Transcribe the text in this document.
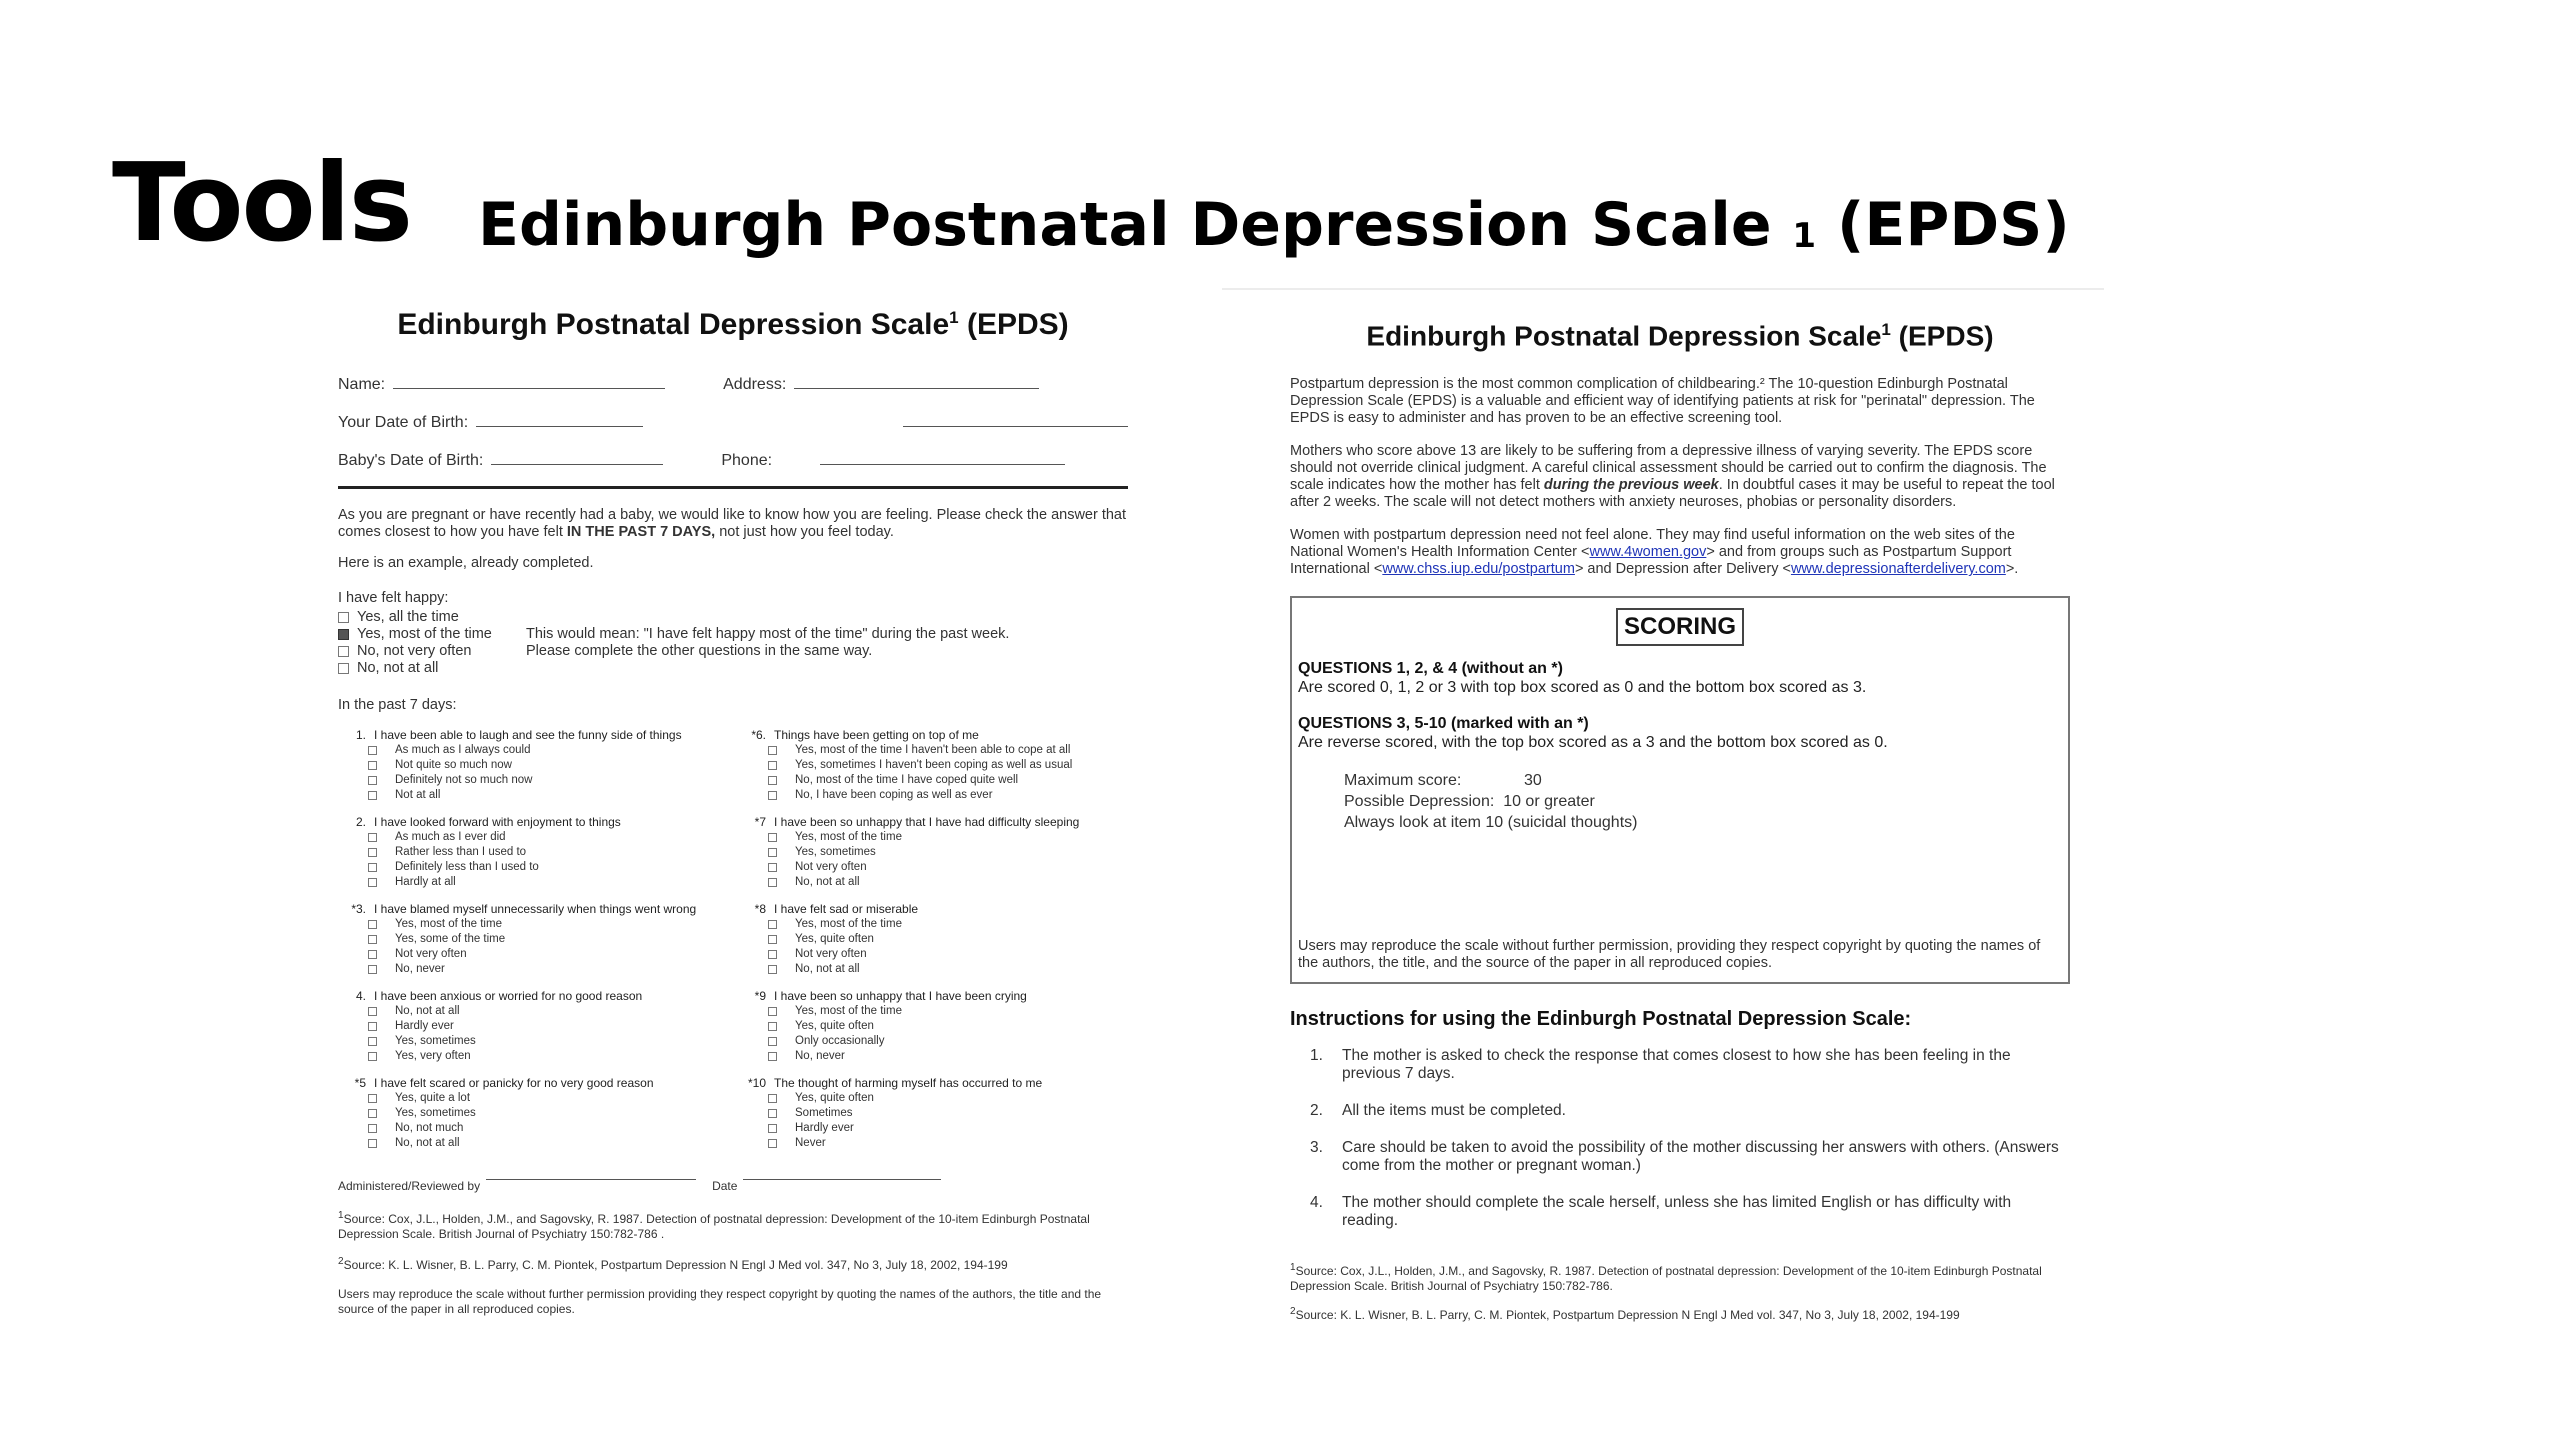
Tools Edinburgh Postnatal Depression Scale 1 (EPDS)

Edinburgh Postnatal Depression Scale$^1$ (EPDS)

Name:	Address:
Your Date of Birth:
Baby's Date of Birth:	Phone:

As you are pregnant or have recently had a baby, we would like to know how you are feeling. Please check the answer that comes closest to how you have felt IN THE PAST 7 DAYS, not just how you feel today.

Here is an example, already completed.

I have felt happy:

Yes, all the time
Yes, most of the time
No, not very often
No, not at all
This would mean: "I have felt happy most of the time" during the past week.
Please complete the other questions in the same way.

In the past 7 days:

1. I have been able to laugh and see the funny side of things
As much as I always could
Not quite so much now
Definitely not so much now
Not at all
2. I have looked forward with enjoyment to things
As much as I ever did
Rather less than I used to
Definitely less than I used to
Hardly at all
*3. I have blamed myself unnecessarily when things went wrong
Yes, most of the time
Yes, some of the time
Not very often
No, never
4. I have been anxious or worried for no good reason
No, not at all
Hardly ever
Yes, sometimes
Yes, very often
*5 I have felt scared or panicky for no very good reason
Yes, quite a lot
Yes, sometimes
No, not much
No, not at all
*6. Things have been getting on top of me
Yes, most of the time I haven't been able to cope at all
Yes, sometimes I haven't been coping as well as usual
No, most of the time I have coped quite well
No, I have been coping as well as ever
*7 I have been so unhappy that I have had difficulty sleeping
Yes, most of the time
Yes, sometimes
Not very often
No, not at all
*8 I have felt sad or miserable
Yes, most of the time
Yes, quite often
Not very often
No, not at all
*9 I have been so unhappy that I have been crying
Yes, most of the time
Yes, quite often
Only occasionally
No, never
*10 The thought of harming myself has occurred to me
Yes, quite often
Sometimes
Hardly ever
Never
Administered/Reviewed by	Date

$^1$Source: Cox, J.L., Holden, J.M., and Sagovsky, R. 1987. Detection of postnatal depression: Development of the 10-item Edinburgh Postnatal Depression Scale. British Journal of Psychiatry 150:782-786 .

$^2$Source: K. L. Wisner, B. L. Parry, C. M. Piontek, Postpartum Depression N Engl J Med vol. 347, No 3, July 18, 2002, 194-199

Users may reproduce the scale without further permission providing they respect copyright by quoting the names of the authors, the title and the source of the paper in all reproduced copies.

Edinburgh Postnatal Depression Scale$^1$ (EPDS)

Postpartum depression is the most common complication of childbearing.² The 10-question Edinburgh Postnatal Depression Scale (EPDS) is a valuable and efficient way of identifying patients at risk for "perinatal" depression. The EPDS is easy to administer and has proven to be an effective screening tool.

Mothers who score above 13 are likely to be suffering from a depressive illness of varying severity. The EPDS score should not override clinical judgment. A careful clinical assessment should be carried out to confirm the diagnosis. The scale indicates how the mother has felt during the previous week. In doubtful cases it may be useful to repeat the tool after 2 weeks. The scale will not detect mothers with anxiety neuroses, phobias or personality disorders.

Women with postpartum depression need not feel alone. They may find useful information on the web sites of the National Women's Health Information Center <www.4women.gov> and from groups such as Postpartum Support International <www.chss.iup.edu/postpartum> and Depression after Delivery <www.depressionafterdelivery.com>.

SCORING
QUESTIONS 1, 2, & 4 (without an *)
Are scored 0, 1, 2 or 3 with top box scored as 0 and the bottom box scored as 3.
QUESTIONS 3, 5-10 (marked with an *)
Are reverse scored, with the top box scored as a 3 and the bottom box scored as 0.
Maximum score:	30
Possible Depression: 10 or greater
Always look at item 10 (suicidal thoughts)
Users may reproduce the scale without further permission, providing they respect copyright by quoting the names of the authors, the title, and the source of the paper in all reproduced copies.
Instructions for using the Edinburgh Postnatal Depression Scale:
1.	The mother is asked to check the response that comes closest to how she has been feeling in the previous 7 days.
2.	All the items must be completed.
3.	Care should be taken to avoid the possibility of the mother discussing her answers with others. (Answers come from the mother or pregnant woman.)
4.	The mother should complete the scale herself, unless she has limited English or has difficulty with reading.

$^1$Source: Cox, J.L., Holden, J.M., and Sagovsky, R. 1987. Detection of postnatal depression: Development of the 10-item Edinburgh Postnatal Depression Scale. British Journal of Psychiatry 150:782-786.

$^2$Source: K. L. Wisner, B. L. Parry, C. M. Piontek, Postpartum Depression N Engl J Med vol. 347, No 3, July 18, 2002, 194-199
